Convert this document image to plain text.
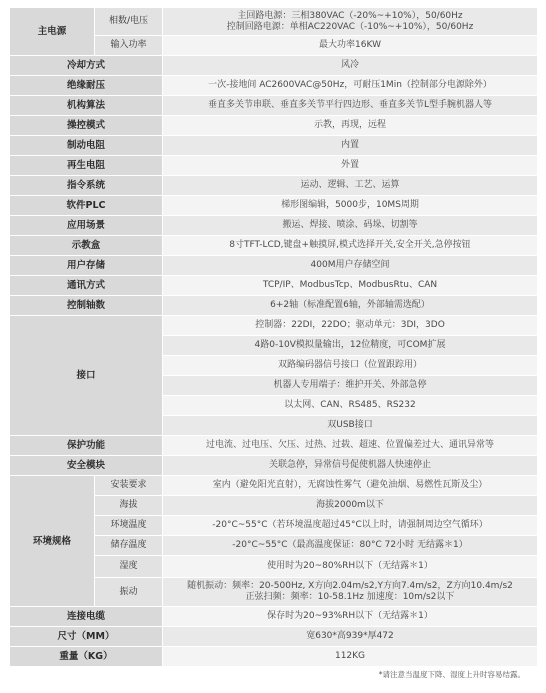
主电源	相数/电压	主回路电源：三相380VAC（-20%~+10%），50/60Hz
控制回路电源：单相AC220VAC（-10%~+10%），50/60Hz

	输入功率	最大功率16KW
冷却方式		风冷
绝缘耐压		一次-接地间 AC2600VAC@50Hz，可耐压1Min（控制部分电源除外）
机构算法		垂直多关节串联、垂直多关节平行四边形、垂直多关节L型手腕机器人等
操控模式		示教，再现，远程
制动电阻		内置
再生电阻		外置
指令系统		运动、逻辑、工艺、运算
软件PLC		梯形图编辑，5000步，10MS周期
应用场景		搬运、焊接、喷涂、码垛、切割等
示教盒		8寸TFT-LCD,键盘+触摸屏,模式选择开关,安全开关,急停按钮
用户存储		400M用户存储空间
通讯方式		TCP/IP、ModbusTcp、ModbusRtu、CAN
控制轴数		6+2轴（标准配置6轴，外部轴需选配）
接口		控制器：22DI，22DO；驱动单元：3DI，3DO
		4路0-10V模拟量输出，12位精度，可COM扩展
		双路编码器信号接口（位置跟踪用）
		机器人专用端子：维护开关、外部急停
		以太网、CAN、RS485、RS232
		双USB接口
保护功能		过电流、过电压、欠压、过热、过载、超速、位置偏差过大、通讯异常等
安全模块		关联急停，异常信号促使机器人快速停止
环境规格	安装要求	室内（避免阳光直射），无腐蚀性雾气（避免油烟、易燃性瓦斯及尘）
	海拔	海拔2000m以下
	环境温度	-20°C~55°C（若环境温度超过45°C以上时，请强制周边空气循环）
	储存温度	-20°C~55°C（最高温度保证：80°C 72小时 无结露＊1）
	湿度	使用时为20~80%RH以下（无结露＊1）
	振动	随机振动：频率：20-500Hz, X方向2.04m/s2,Y方向7.4m/s2，Z方向10.4m/s2
正弦扫频：频率：10-58.1Hz 加速度：10m/s2以下

连接电缆		保存时为20~93%RH以下（无结露＊1）
尺寸（MM）		宽630*高939*厚472
重量（KG）		112KG
*请注意当温度下降、湿度上升时容易结露。
